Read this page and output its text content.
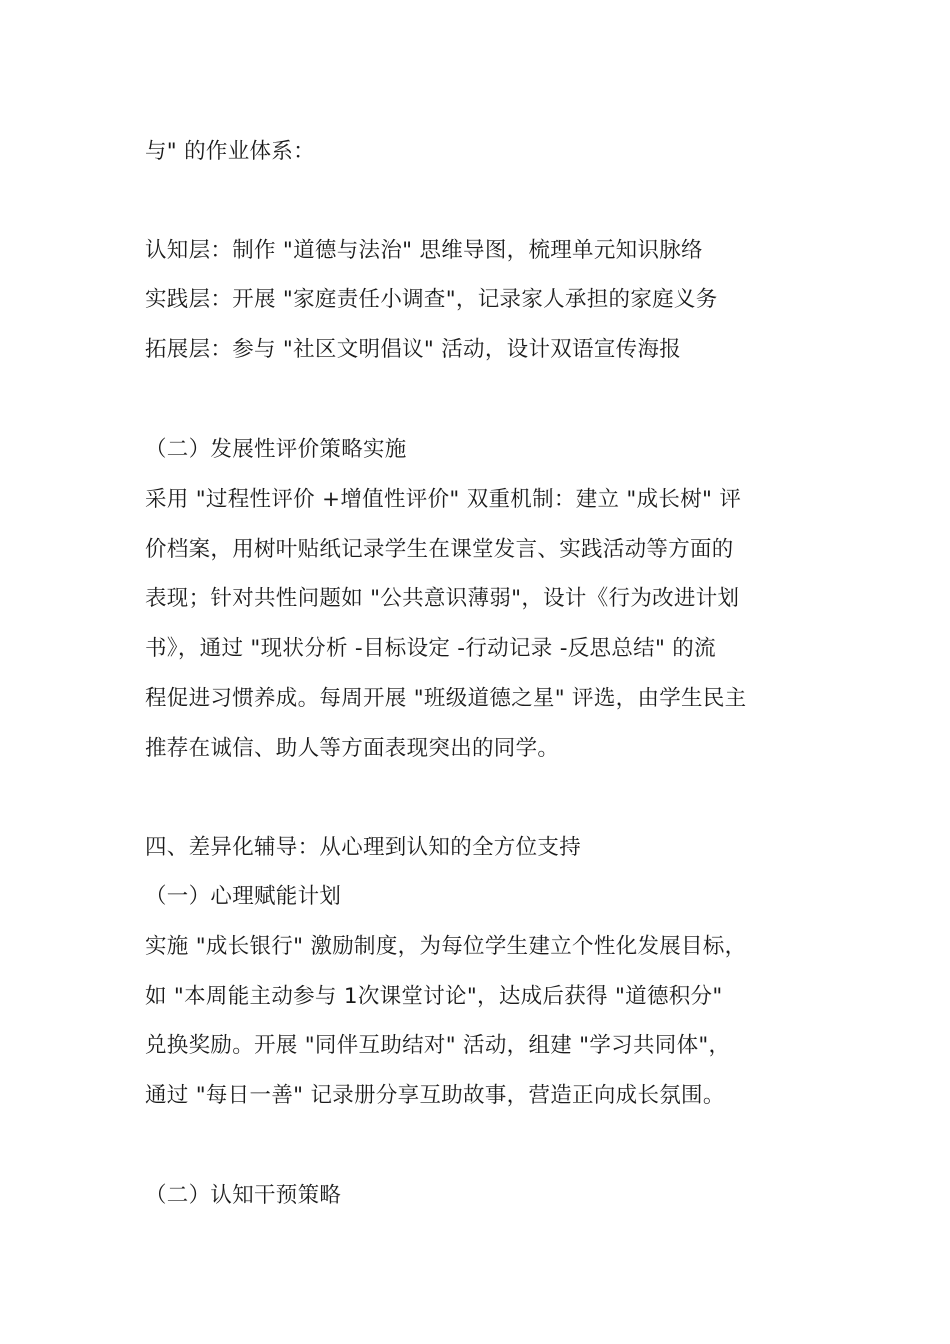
与" 的作业体系：
认知层：制作 "道德与法治" 思维导图，梳理单元知识脉络
实践层：开展 "家庭责任小调查"，记录家人承担的家庭义务
拓展层：参与 "社区文明倡议" 活动，设计双语宣传海报
（二）发展性评价策略实施
采用 "过程性评价 +增值性评价" 双重机制：建立 "成长树" 评
价档案，用树叶贴纸记录学生在课堂发言、实践活动等方面的
表现；针对共性问题如 "公共意识薄弱"，设计《行为改进计划
书》，通过 "现状分析 -目标设定 -行动记录 -反思总结" 的流
程促进习惯养成。每周开展 "班级道德之星" 评选，由学生民主
推荐在诚信、助人等方面表现突出的同学。
四、差异化辅导：从心理到认知的全方位支持
（一）心理赋能计划
实施 "成长银行" 激励制度，为每位学生建立个性化发展目标，
如 "本周能主动参与 1次课堂讨论"，达成后获得 "道德积分"
兑换奖励。开展 "同伴互助结对" 活动，组建 "学习共同体"，
通过 "每日一善" 记录册分享互助故事，营造正向成长氛围。
（二）认知干预策略
